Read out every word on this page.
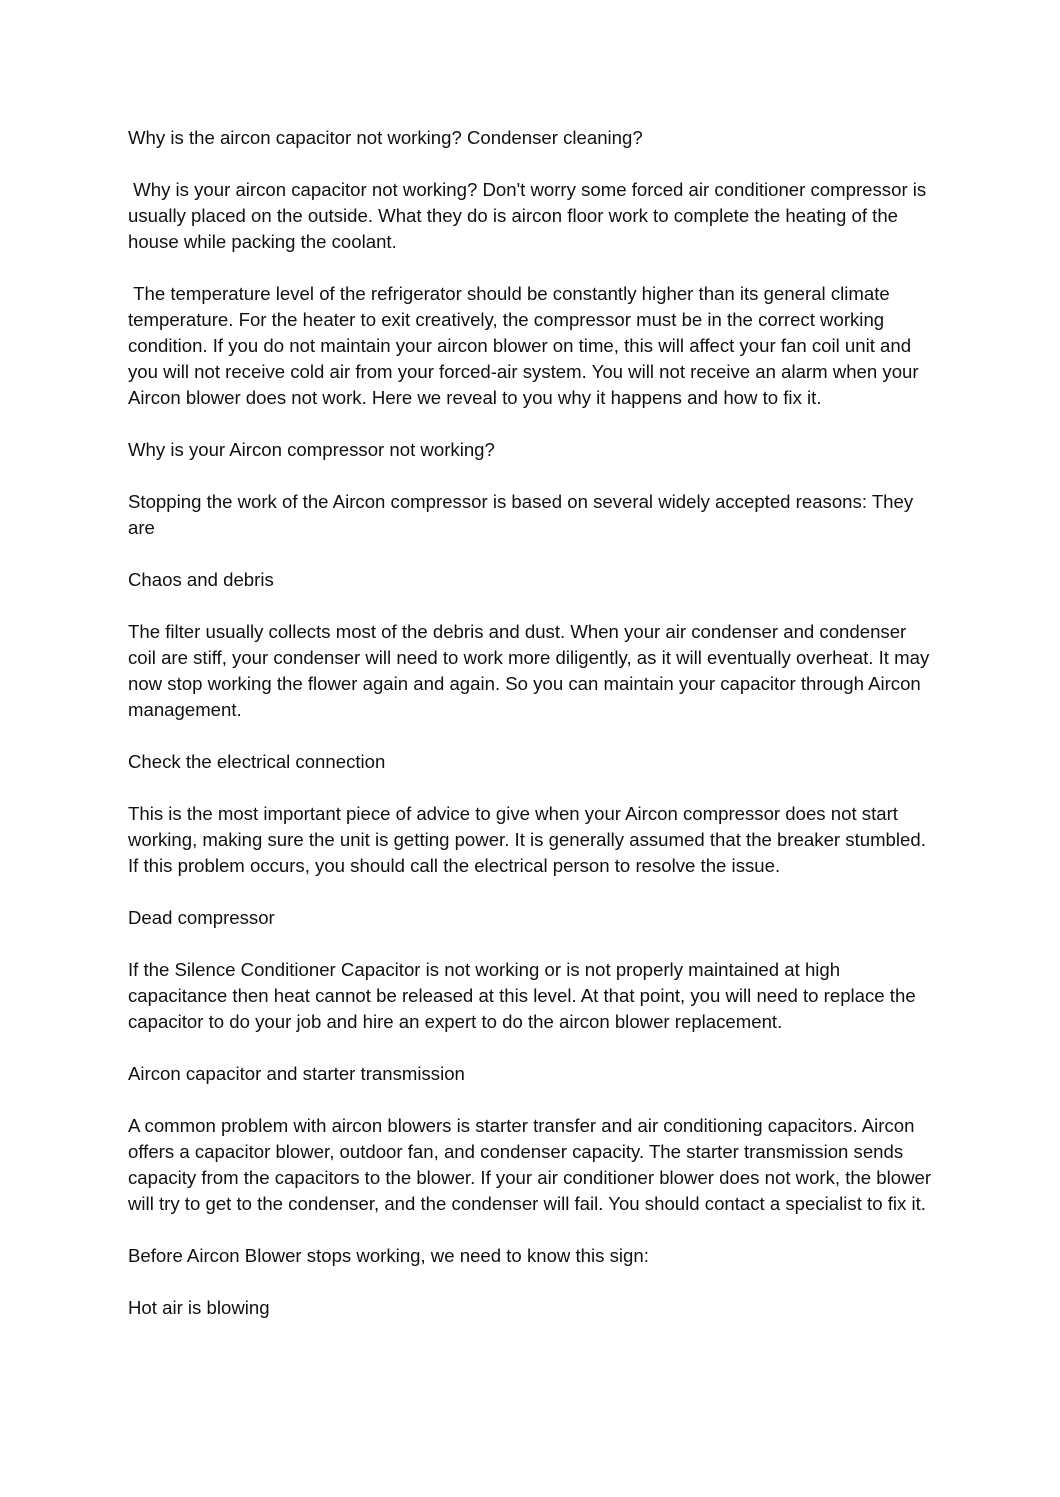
Why is the aircon capacitor not working? Condenser cleaning?

Why is your aircon capacitor not working? Don't worry some forced air conditioner compressor is usually placed on the outside. What they do is aircon floor work to complete the heating of the house while packing the coolant.

The temperature level of the refrigerator should be constantly higher than its general climate temperature. For the heater to exit creatively, the compressor must be in the correct working condition. If you do not maintain your aircon blower on time, this will affect your fan coil unit and you will not receive cold air from your forced-air system. You will not receive an alarm when your Aircon blower does not work. Here we reveal to you why it happens and how to fix it.

Why is your Aircon compressor not working?

Stopping the work of the Aircon compressor is based on several widely accepted reasons: They are

Chaos and debris

The filter usually collects most of the debris and dust. When your air condenser and condenser coil are stiff, your condenser will need to work more diligently, as it will eventually overheat. It may now stop working the flower again and again. So you can maintain your capacitor through Aircon management.

Check the electrical connection

This is the most important piece of advice to give when your Aircon compressor does not start working, making sure the unit is getting power. It is generally assumed that the breaker stumbled. If this problem occurs, you should call the electrical person to resolve the issue.

Dead compressor

If the Silence Conditioner Capacitor is not working or is not properly maintained at high capacitance then heat cannot be released at this level. At that point, you will need to replace the capacitor to do your job and hire an expert to do the aircon blower replacement.

Aircon capacitor and starter transmission

A common problem with aircon blowers is starter transfer and air conditioning capacitors. Aircon offers a capacitor blower, outdoor fan, and condenser capacity. The starter transmission sends capacity from the capacitors to the blower. If your air conditioner blower does not work, the blower will try to get to the condenser, and the condenser will fail. You should contact a specialist to fix it.

Before Aircon Blower stops working, we need to know this sign:

Hot air is blowing
